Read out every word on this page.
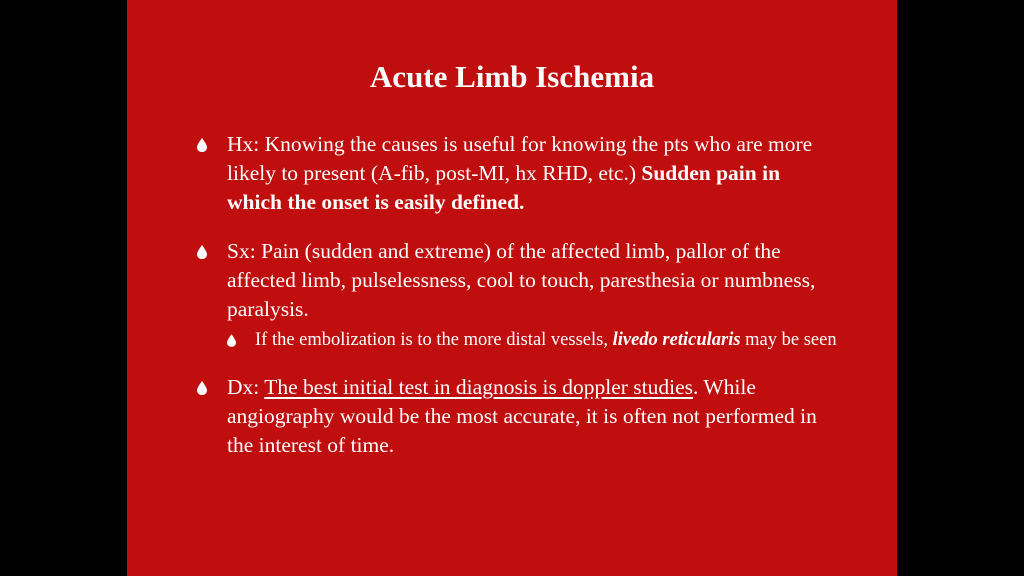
Acute Limb Ischemia
Hx: Knowing the causes is useful for knowing the pts who are more likely to present (A-fib, post-MI, hx RHD, etc.) Sudden pain in which the onset is easily defined.
Sx: Pain (sudden and extreme) of the affected limb, pallor of the affected limb, pulselessness, cool to touch, paresthesia or numbness, paralysis.
If the embolization is to the more distal vessels, livedo reticularis may be seen
Dx: The best initial test in diagnosis is doppler studies. While angiography would be the most accurate, it is often not performed in the interest of time.
